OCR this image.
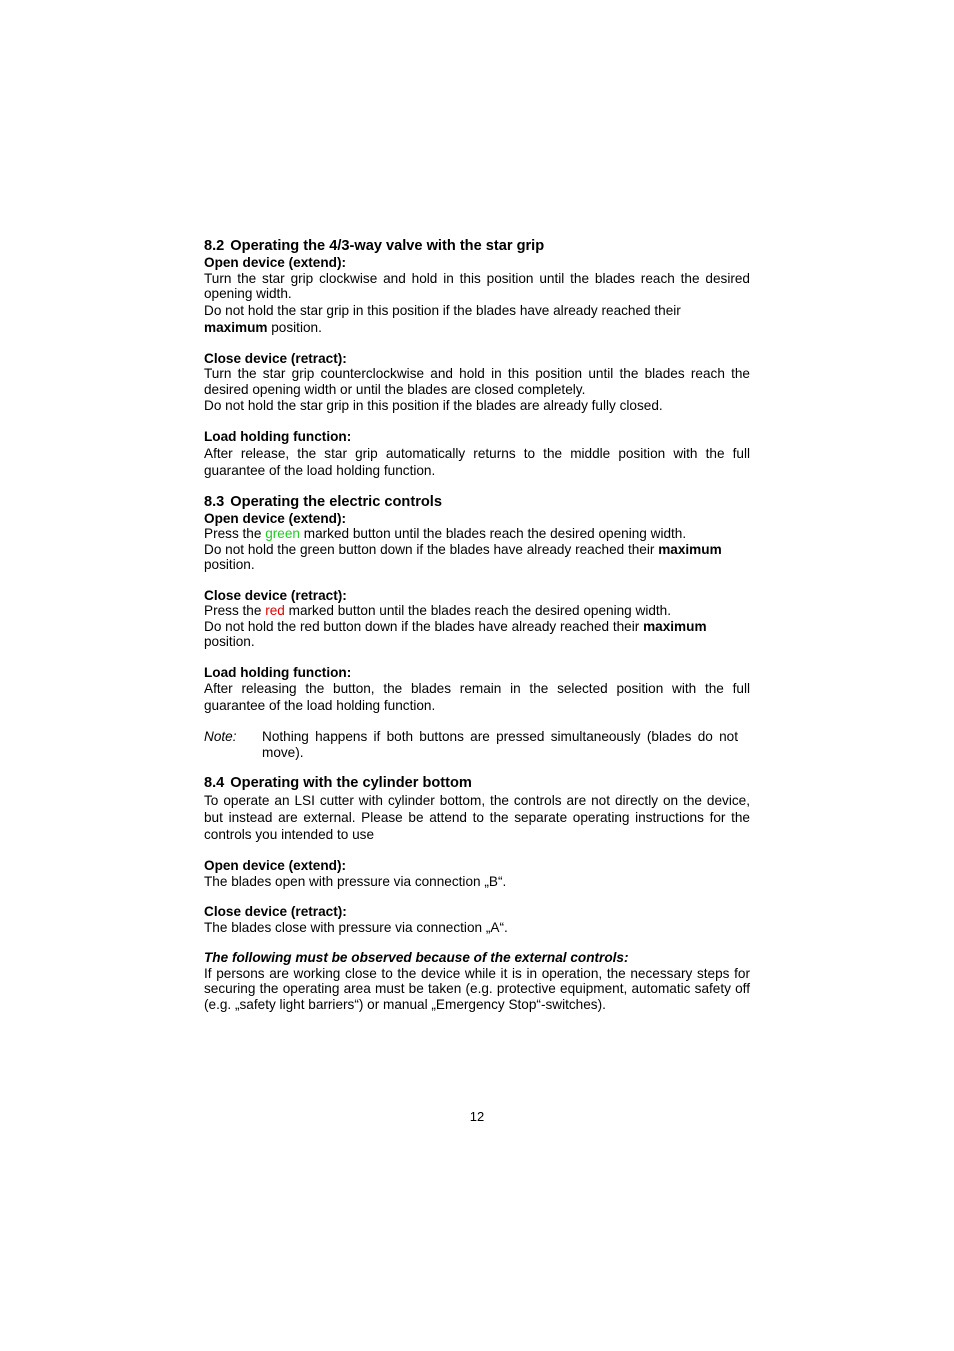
8.2 Operating the 4/3-way valve with the star grip
Open device (extend):

Turn the star grip clockwise and hold in this position until the blades reach the desired opening width.

Do not hold the star grip in this position if the blades have already reached their
maximum position.

Close device (retract):

Turn the star grip counterclockwise and hold in this position until the blades reach the desired opening width or until the blades are closed completely.

Do not hold the star grip in this position if the blades are already fully closed.

Load holding function:

After release, the star grip automatically returns to the middle position with the full guarantee of the load holding function.

8.3 Operating the electric controls
Open device (extend):

Press the green marked button until the blades reach the desired opening width.

Do not hold the green button down if the blades have already reached their maximum
position.

Close device (retract):

Press the red marked button until the blades reach the desired opening width.

Do not hold the red button down if the blades have already reached their maximum
position.

Load holding function:

After releasing the button, the blades remain in the selected position with the full guarantee of the load holding function.

Note:	Nothing happens if both buttons are pressed simultaneously (blades do not move).
8.4 Operating with the cylinder bottom

To operate an LSI cutter with cylinder bottom, the controls are not directly on the device, but instead are external. Please be attend to the separate operating instructions for the controls you intended to use

Open device (extend):

The blades open with pressure via connection „B“.

Close device (retract):

The blades close with pressure via connection „A“.

The following must be observed because of the external controls:

If persons are working close to the device while it is in operation, the necessary steps for securing the operating area must be taken (e.g. protective equipment, automatic safety off (e.g. „safety light barriers“) or manual „Emergency Stop“-switches).

12
